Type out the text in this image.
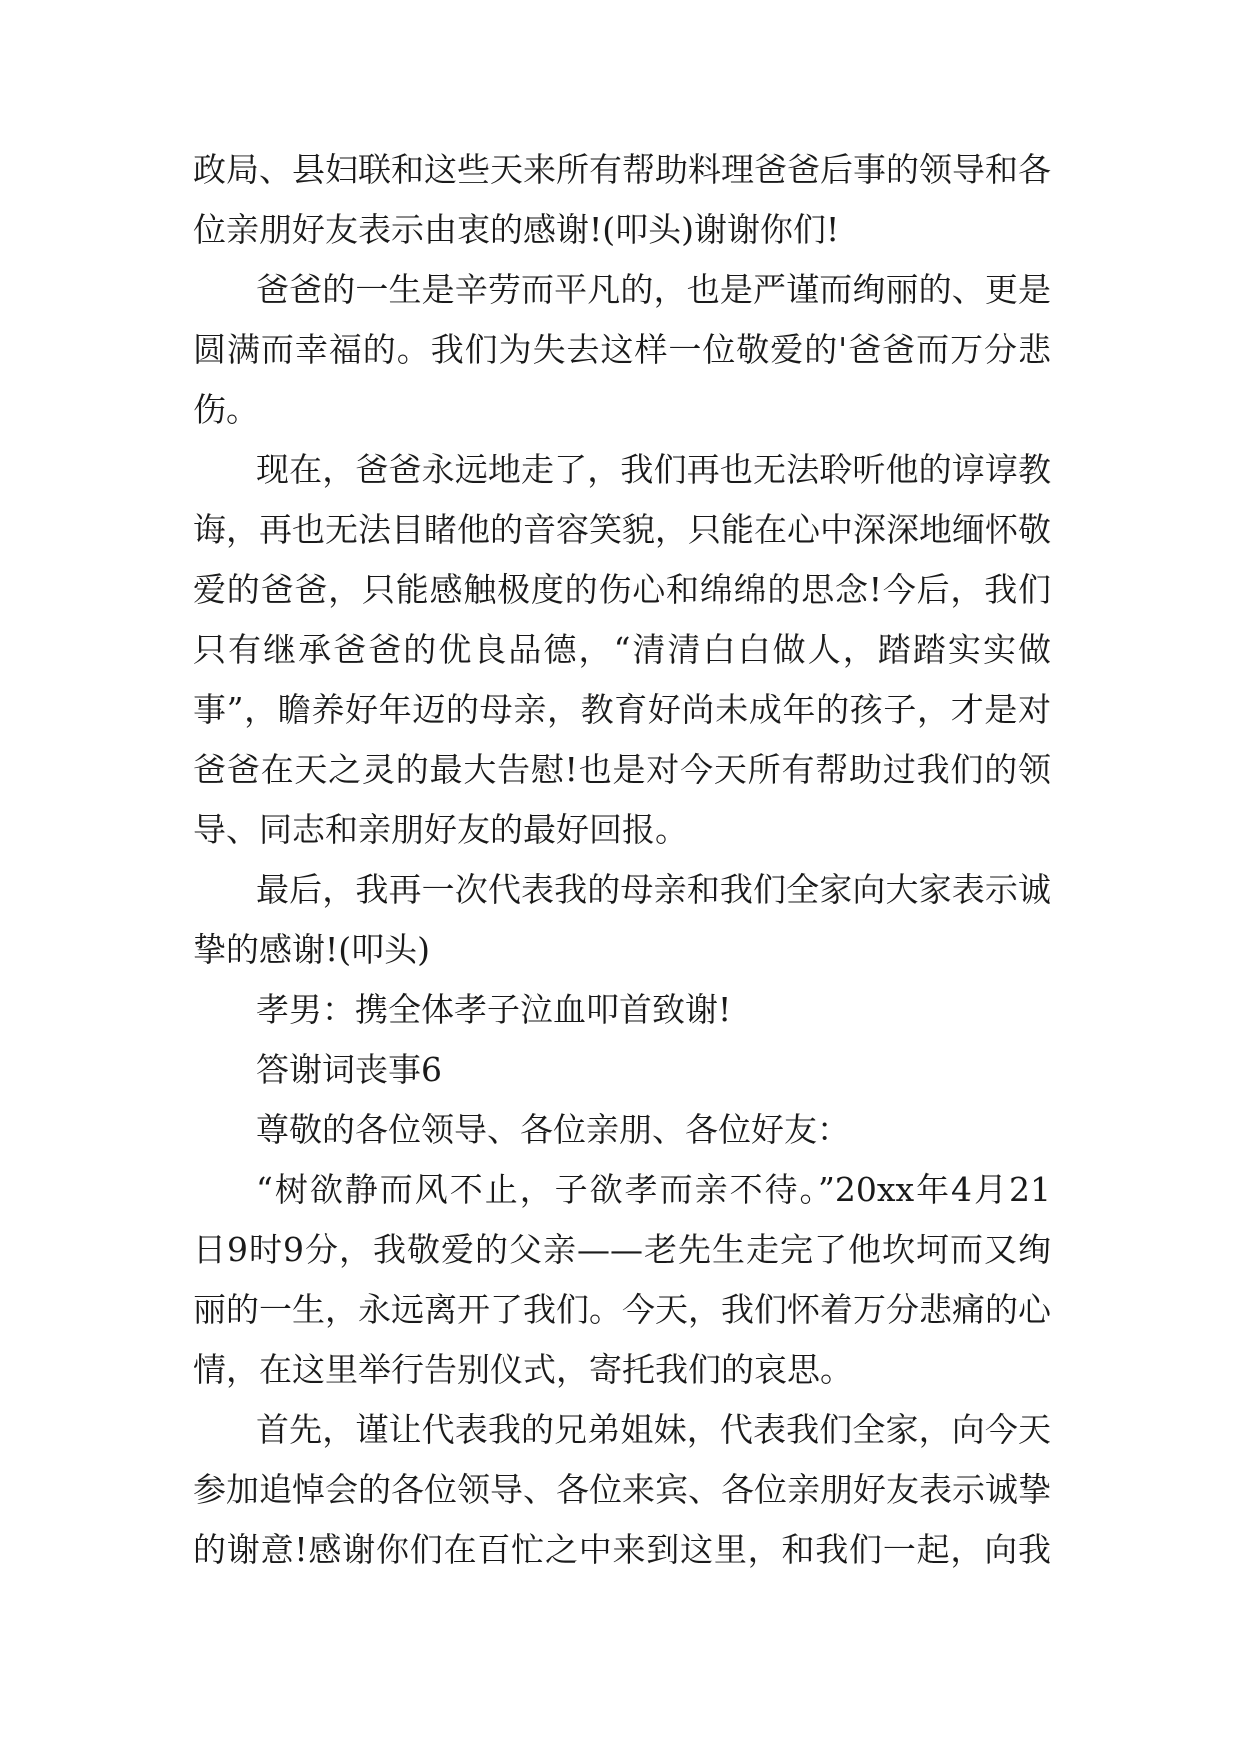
政局、县妇联和这些天来所有帮助料理爸爸后事的领导和各
位亲朋好友表示由衷的感谢!(叩头)谢谢你们!
爸爸的一生是辛劳而平凡的，也是严谨而绚丽的、更是
圆满而幸福的。我们为失去这样一位敬爱的'爸爸而万分悲
伤。
现在，爸爸永远地走了，我们再也无法聆听他的谆谆教
诲，再也无法目睹他的音容笑貌，只能在心中深深地缅怀敬
爱的爸爸，只能感触极度的伤心和绵绵的思念!今后，我们
只有继承爸爸的优良品德，“清清白白做人，踏踏实实做
事”，瞻养好年迈的母亲，教育好尚未成年的孩子，才是对
爸爸在天之灵的最大告慰!也是对今天所有帮助过我们的领
导、同志和亲朋好友的最好回报。
最后，我再一次代表我的母亲和我们全家向大家表示诚
挚的感谢!(叩头)
孝男：携全体孝子泣血叩首致谢!
答谢词丧事6
尊敬的各位领导、各位亲朋、各位好友：
“树欲静而风不止，子欲孝而亲不待。”20xx年4月21
日9时9分，我敬爱的父亲——老先生走完了他坎坷而又绚
丽的一生，永远离开了我们。今天，我们怀着万分悲痛的心
情，在这里举行告别仪式，寄托我们的哀思。
首先，谨让代表我的兄弟姐妹，代表我们全家，向今天
参加追悼会的各位领导、各位来宾、各位亲朋好友表示诚挚
的谢意!感谢你们在百忙之中来到这里，和我们一起，向我
